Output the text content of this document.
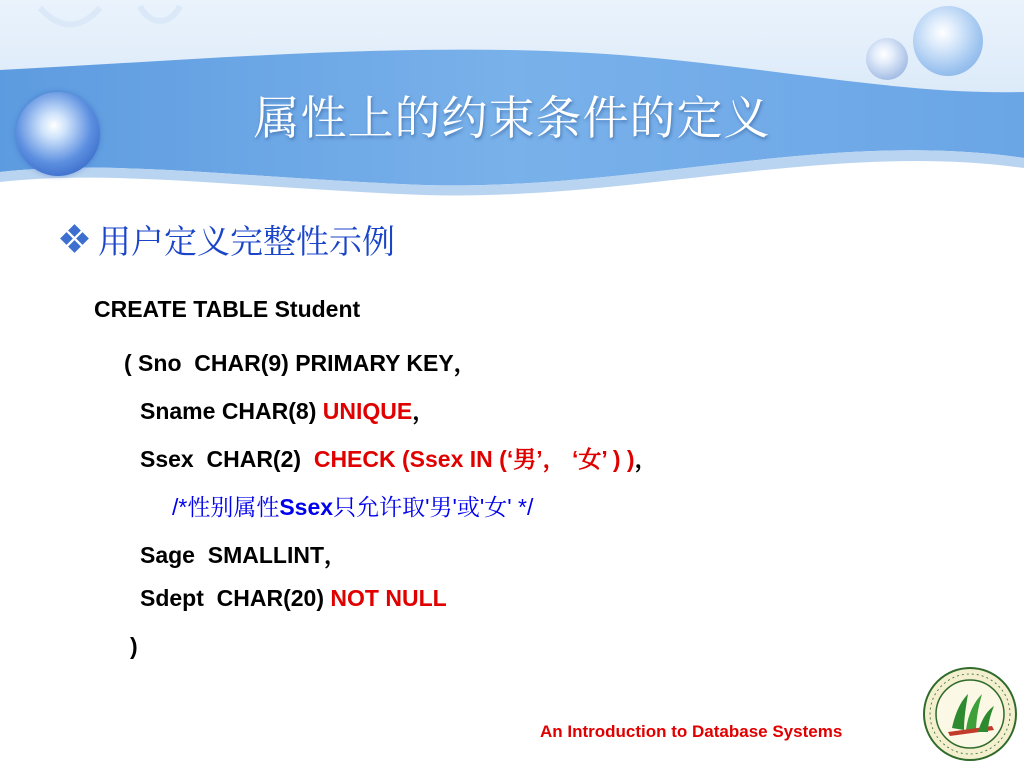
属性上的约束条件的定义
用户定义完整性示例
CREATE TABLE Student
( Sno  CHAR(9) PRIMARY KEY，
Sname CHAR(8) UNIQUE，
Ssex  CHAR(2)  CHECK (Ssex IN (‘男’， ‘女’ ) )，
/*性别属性Ssex只允许取'男'或'女' */
Sage  SMALLINT，
Sdept  CHAR(20) NOT NULL
)
An Introduction to Database Systems
